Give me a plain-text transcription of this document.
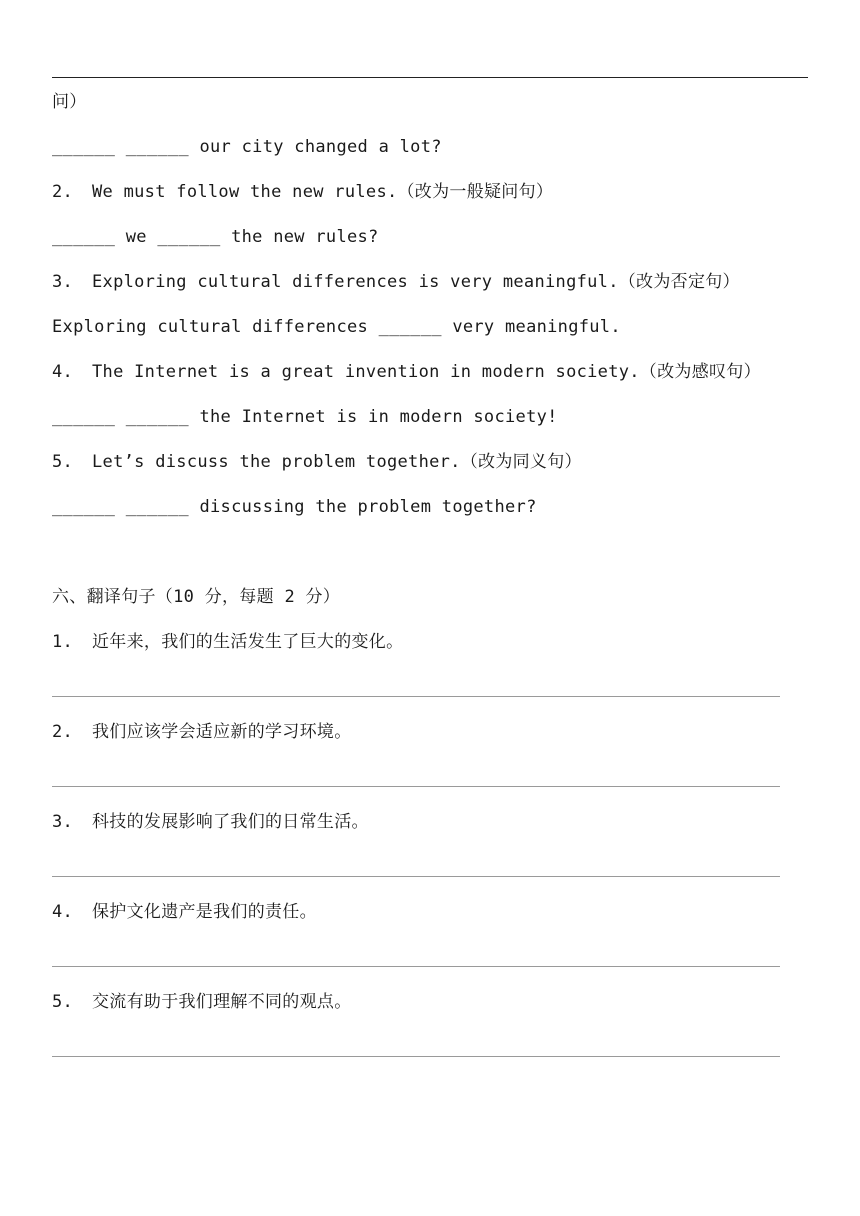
问）
______ ______ our city changed a lot?
2. We must follow the new rules.（改为一般疑问句）
______ we ______ the new rules?
3. Exploring cultural differences is very meaningful.（改为否定句）
Exploring cultural differences ______ very meaningful.
4. The Internet is a great invention in modern society.（改为感叹句）
______ ______ the Internet is in modern society!
5. Let’s discuss the problem together.（改为同义句）
______ ______ discussing the problem together?
六、翻译句子（10 分，每题 2 分）
1. 近年来，我们的生活发生了巨大的变化。
2. 我们应该学会适应新的学习环境。
3. 科技的发展影响了我们的日常生活。
4. 保护文化遗产是我们的责任。
5. 交流有助于我们理解不同的观点。
